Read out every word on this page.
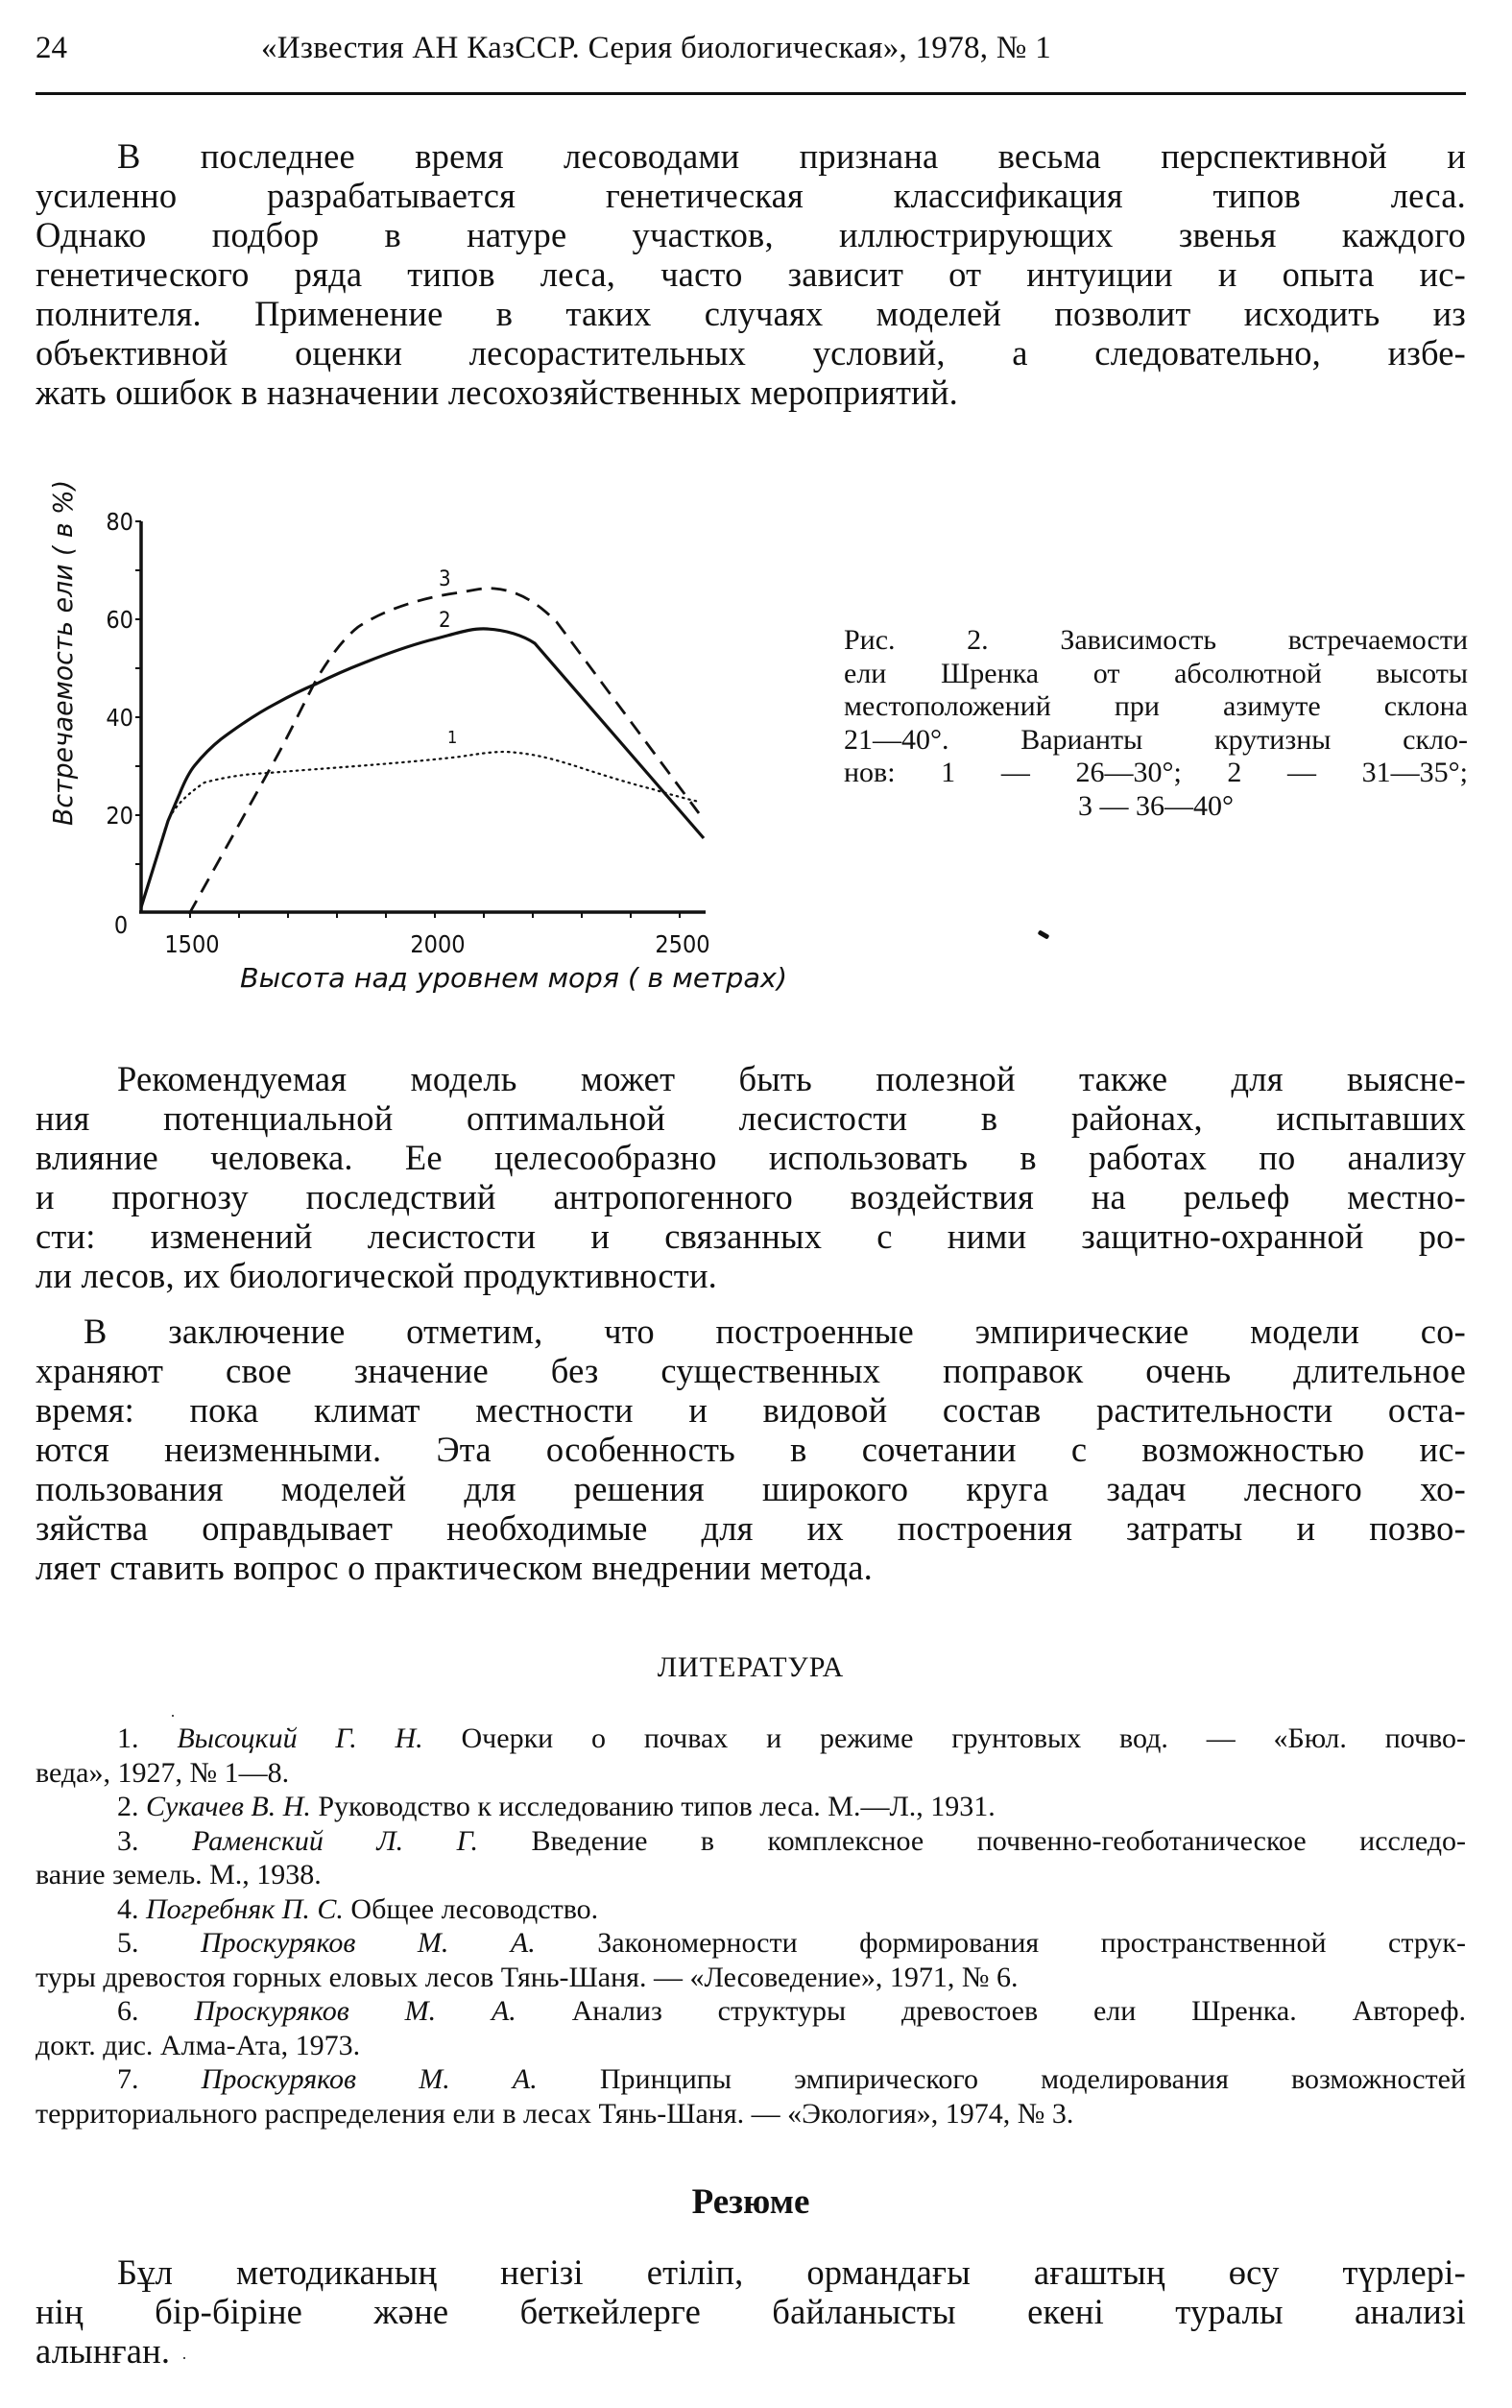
24	«Известия АН КазССР. Серия биологическая», 1978, № 1

В последнее время лесоводами признана весьма перспективной и
усиленно разрабатывается генетическая классификация типов леса.
Однако подбор в натуре участков, иллюстрирующих звенья каждого
генетического ряда типов леса, часто зависит от интуиции и опыта ис-
полнителя. Применение в таких случаях моделей позволит исходить из
объективной оценки лесорастительных условий, а следовательно, избе-
жать ошибок в назначении лесохозяйственных мероприятий.

80
60
40
20
0
1500	2000	2500
Высота над уровнем моря ( в метрах)
Встречаемость ели ( в %)	3
2
1
Рис. 2. Зависимость встречаемости
ели Шренка от абсолютной высоты
местоположений при азимуте склона
21—40°. Варианты крутизны скло-
нов: 1 — 26—30°; 2 — 31—35°;
3 — 36—40°

Рекомендуемая модель может быть полезной также для выясне-
ния потенциальной оптимальной лесистости в районах, испытавших
влияние человека. Ее целесообразно использовать в работах по анализу
и прогнозу последствий антропогенного воздействия на рельеф местно-
сти: изменений лесистости и связанных с ними защитно-охранной ро-
ли лесов, их биологической продуктивности.

В заключение отметим, что построенные эмпирические модели со-
храняют свое значение без существенных поправок очень длительное
время: пока климат местности и видовой состав растительности оста-
ются неизменными. Эта особенность в сочетании с возможностью ис-
пользования моделей для решения широкого круга задач лесного хо-
зяйства оправдывает необходимые для их построения затраты и позво-
ляет ставить вопрос о практическом внедрении метода.

ЛИТЕРАТУРА
1. Высоцкий Г. Н. Очерки о почвах и режиме грунтовых вод. — «Бюл. почво-
веда», 1927, № 1—8.
2. Сукачев В. Н. Руководство к исследованию типов леса. М.—Л., 1931.
3. Раменский Л. Г. Введение в комплексное почвенно-геоботаническое исследо-
вание земель. М., 1938.
4. Погребняк П. С. Общее лесоводство.
5. Проскуряков М. А. Закономерности формирования пространственной струк-
туры древостоя горных еловых лесов Тянь-Шаня. — «Лесоведение», 1971, № 6.
6. Проскуряков М. А. Анализ структуры древостоев ели Шренка. Автореф.
докт. дис. Алма-Ата, 1973.
7. Проскуряков М. А. Принципы эмпирического моделирования возможностей
территориального распределения ели в лесах Тянь-Шаня. — «Экология», 1974, № 3.
Резюме

Бұл методиканың негізі етіліп, ормандағы ағаштың өсу түрлері-
нің бір-біріне жəне беткейлерге байланысты екені туралы анализі
алынған.
